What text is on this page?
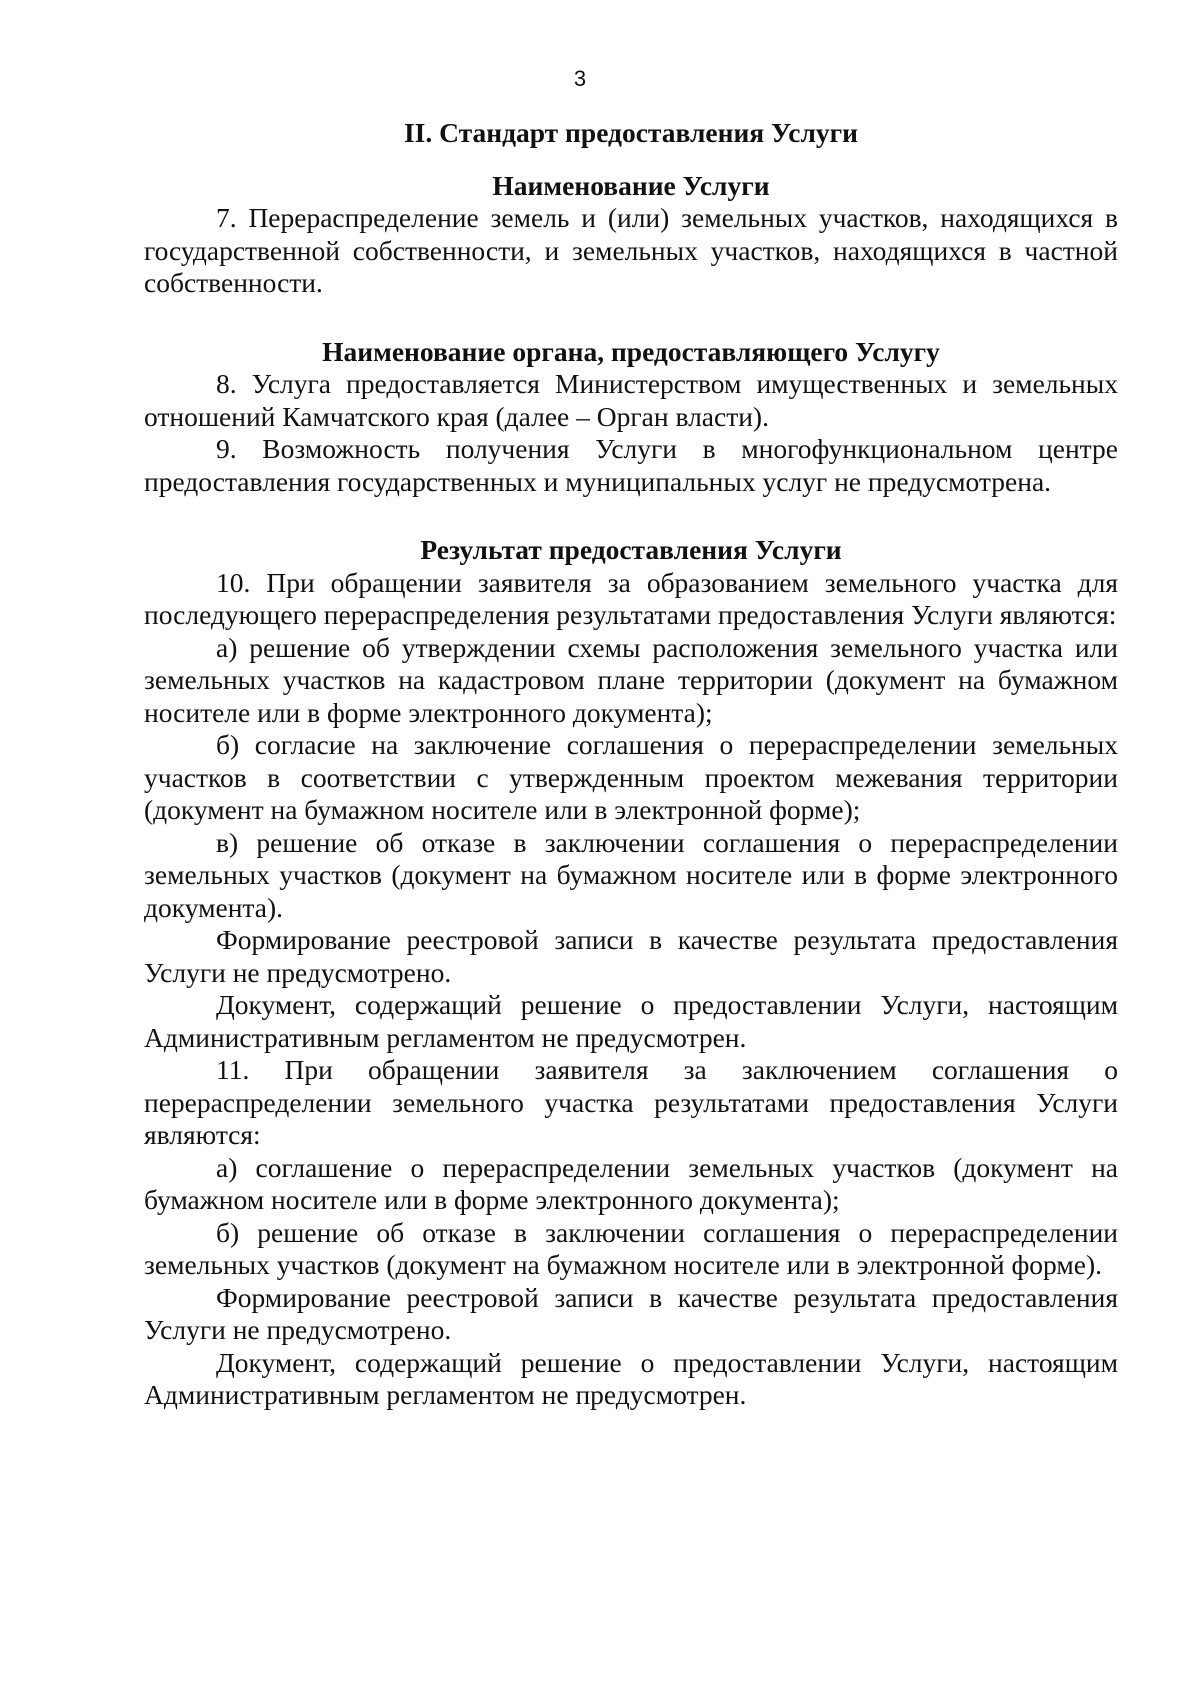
3
II. Стандарт предоставления Услуги
Наименование Услуги

7. Перераспределение земель и (или) земельных участков, находящихся в государственной собственности, и земельных участков, находящихся в частной собственности.

Наименование органа, предоставляющего Услугу

8. Услуга предоставляется Министерством имущественных и земельных отношений Камчатского края (далее – Орган власти).

9. Возможность получения Услуги в многофункциональном центре предоставления государственных и муниципальных услуг не предусмотрена.

Результат предоставления Услуги

10. При обращении заявителя за образованием земельного участка для последующего перераспределения результатами предоставления Услуги являются:

а) решение об утверждении схемы расположения земельного участка или земельных участков на кадастровом плане территории (документ на бумажном носителе или в форме электронного документа);

б) согласие на заключение соглашения о перераспределении земельных участков в соответствии с утвержденным проектом межевания территории (документ на бумажном носителе или в электронной форме);

в) решение об отказе в заключении соглашения о перераспределении земельных участков (документ на бумажном носителе или в форме электронного документа).

Формирование реестровой записи в качестве результата предоставления Услуги не предусмотрено.

Документ, содержащий решение о предоставлении Услуги, настоящим Административным регламентом не предусмотрен.

11. При обращении заявителя за заключением соглашения о перераспределении земельного участка результатами предоставления Услуги являются:

а) соглашение о перераспределении земельных участков (документ на бумажном носителе или в форме электронного документа);

б) решение об отказе в заключении соглашения о перераспределении земельных участков (документ на бумажном носителе или в электронной форме).

Формирование реестровой записи в качестве результата предоставления Услуги не предусмотрено.

Документ, содержащий решение о предоставлении Услуги, настоящим Административным регламентом не предусмотрен.
